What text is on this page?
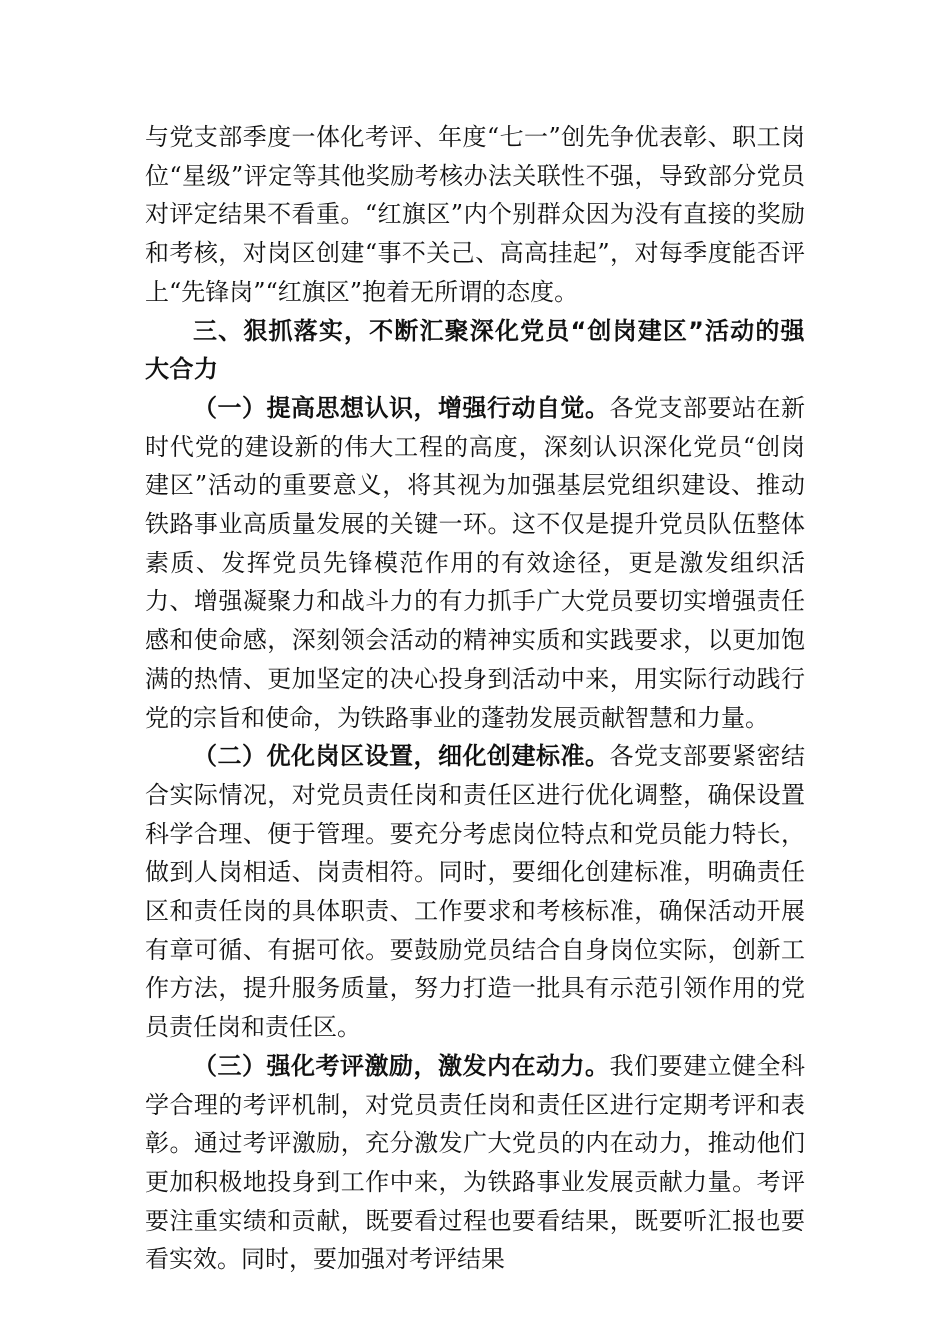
与党支部季度一体化考评、年度“七一”创先争优表彰、职工岗位“星级”评定等其他奖励考核办法关联性不强，导致部分党员对评定结果不看重。“红旗区”内个别群众因为没有直接的奖励和考核，对岗区创建“事不关己、高高挂起”，对每季度能否评上“先锋岗”“红旗区”抱着无所谓的态度。

三、狠抓落实，不断汇聚深化党员“创岗建区”活动的强大合力

（一）提高思想认识，增强行动自觉。各党支部要站在新时代党的建设新的伟大工程的高度，深刻认识深化党员“创岗建区”活动的重要意义，将其视为加强基层党组织建设、推动铁路事业高质量发展的关键一环。这不仅是提升党员队伍整体素质、发挥党员先锋模范作用的有效途径，更是激发组织活力、增强凝聚力和战斗力的有力抓手广大党员要切实增强责任感和使命感，深刻领会活动的精神实质和实践要求，以更加饱满的热情、更加坚定的决心投身到活动中来，用实际行动践行党的宗旨和使命，为铁路事业的蓬勃发展贡献智慧和力量。

（二）优化岗区设置，细化创建标准。各党支部要紧密结合实际情况，对党员责任岗和责任区进行优化调整，确保设置科学合理、便于管理。要充分考虑岗位特点和党员能力特长，做到人岗相适、岗责相符。同时，要细化创建标准，明确责任区和责任岗的具体职责、工作要求和考核标准，确保活动开展有章可循、有据可依。要鼓励党员结合自身岗位实际，创新工作方法，提升服务质量，努力打造一批具有示范引领作用的党员责任岗和责任区。

（三）强化考评激励，激发内在动力。我们要建立健全科学合理的考评机制，对党员责任岗和责任区进行定期考评和表彰。通过考评激励，充分激发广大党员的内在动力，推动他们更加积极地投身到工作中来，为铁路事业发展贡献力量。考评要注重实绩和贡献，既要看过程也要看结果，既要听汇报也要看实效。同时，要加强对考评结果
